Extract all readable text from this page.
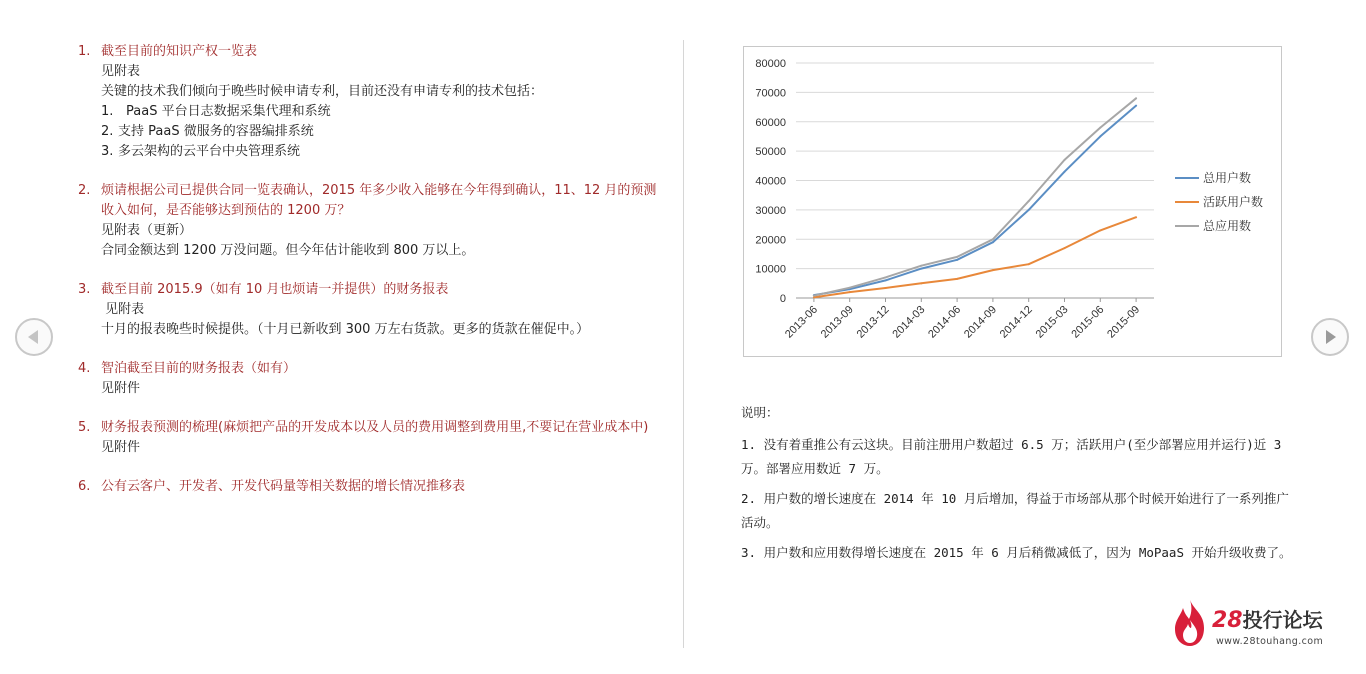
1. 截至目前的知识产权一览表
见附表
关键的技术我们倾向于晚些时候申请专利，目前还没有申请专利的技术包括：
1. PaaS 平台日志数据采集代理和系统
2. 支持 PaaS 微服务的容器编排系统
3. 多云架构的云平台中央管理系统
2. 烦请根据公司已提供合同一览表确认，2015 年多少收入能够在今年得到确认，11、12 月的预测收入如何，是否能够达到预估的 1200 万？
见附表（更新）
合同金额达到 1200 万没问题。但今年估计能收到 800 万以上。
3. 截至目前 2015.9（如有 10 月也烦请一并提供）的财务报表
见附表
十月的报表晚些时候提供。（十月已新收到 300 万左右货款。更多的货款在催促中。）
4. 智泊截至目前的财务报表（如有）
见附件
5. 财务报表预测的梳理(麻烦把产品的开发成本以及人员的费用调整到费用里,不要记在营业成本中)
见附件
6. 公有云客户、开发者、开发代码量等相关数据的增长情况推移表
0
10000
20000
30000
40000
50000
60000
70000
80000
2013-06
2013-09
2013-12
2014-03
2014-06
2014-09
2014-12
2015-03
2015-06
2015-09
总用户数
活跃用户数
总应用数
说明：

1. 没有着重推公有云这块。目前注册用户数超过 6.5 万；活跃用户(至少部署应用并运行)近 3 万。部署应用数近 7 万。

2. 用户数的增长速度在 2014 年 10 月后增加，得益于市场部从那个时候开始进行了一系列推广活动。

3. 用户数和应用数得增长速度在 2015 年 6 月后稍微减低了，因为 MoPaaS 开始升级收费了。

28投行论坛
www.28touhang.com
